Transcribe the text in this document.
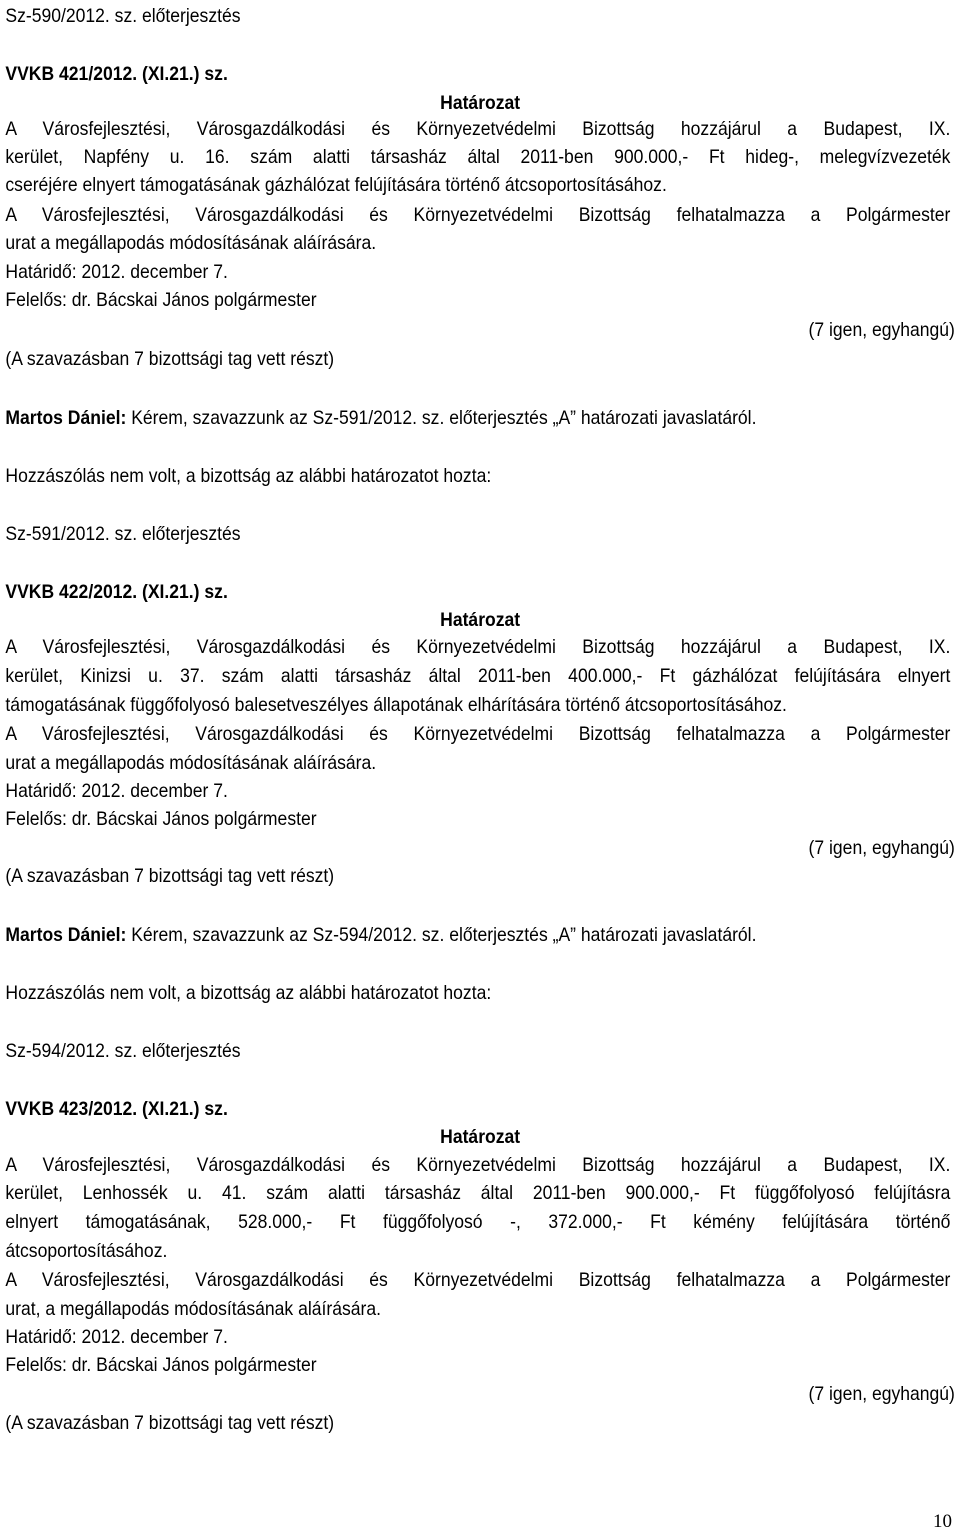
Sz-590/2012. sz. előterjesztés
VVKB 421/2012. (XI.21.) sz.
Határozat
A Városfejlesztési, Városgazdálkodási és Környezetvédelmi Bizottság hozzájárul a Budapest, IX.
kerület, Napfény u. 16. szám alatti társasház által 2011-ben 900.000,- Ft hideg-, melegvízvezeték
cseréjére elnyert támogatásának gázhálózat felújítására történő átcsoportosításához.
A Városfejlesztési, Városgazdálkodási és Környezetvédelmi Bizottság felhatalmazza a Polgármester
urat a megállapodás módosításának aláírására.
Határidő: 2012. december 7.
Felelős: dr. Bácskai János polgármester
(7 igen, egyhangú)
(A szavazásban 7 bizottsági tag vett részt)
Martos Dániel: Kérem, szavazzunk az Sz-591/2012. sz. előterjesztés „A” határozati javaslatáról.
Hozzászólás nem volt, a bizottság az alábbi határozatot hozta:
Sz-591/2012. sz. előterjesztés
VVKB 422/2012. (XI.21.) sz.
Határozat
A Városfejlesztési, Városgazdálkodási és Környezetvédelmi Bizottság hozzájárul a Budapest, IX.
kerület, Kinizsi u. 37. szám alatti társasház által 2011-ben 400.000,- Ft gázhálózat felújítására elnyert
támogatásának függőfolyosó balesetveszélyes állapotának elhárítására történő átcsoportosításához.
A Városfejlesztési, Városgazdálkodási és Környezetvédelmi Bizottság felhatalmazza a Polgármester
urat a megállapodás módosításának aláírására.
Határidő: 2012. december 7.
Felelős: dr. Bácskai János polgármester
(7 igen, egyhangú)
(A szavazásban 7 bizottsági tag vett részt)
Martos Dániel: Kérem, szavazzunk az Sz-594/2012. sz. előterjesztés „A” határozati javaslatáról.
Hozzászólás nem volt, a bizottság az alábbi határozatot hozta:
Sz-594/2012. sz. előterjesztés
VVKB 423/2012. (XI.21.) sz.
Határozat
A Városfejlesztési, Városgazdálkodási és Környezetvédelmi Bizottság hozzájárul a Budapest, IX.
kerület, Lenhossék u. 41. szám alatti társasház által 2011-ben 900.000,- Ft függőfolyosó felújításra
elnyert támogatásának, 528.000,- Ft függőfolyosó -, 372.000,- Ft kémény felújítására történő
átcsoportosításához.
A Városfejlesztési, Városgazdálkodási és Környezetvédelmi Bizottság felhatalmazza a Polgármester
urat, a megállapodás módosításának aláírására.
Határidő: 2012. december 7.
Felelős: dr. Bácskai János polgármester
(7 igen, egyhangú)
(A szavazásban 7 bizottsági tag vett részt)
10
